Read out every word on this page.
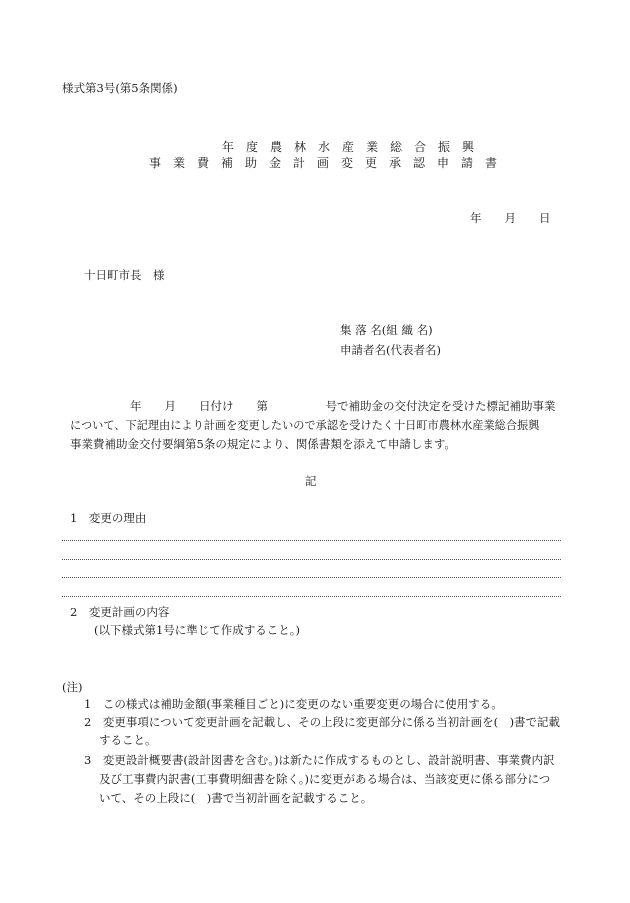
様式第3号(第5条関係)
年　度　農　林　水　産　業　総　合　振　興
事　業　費　補　助　金　計　画　変　更　承　認　申　請　書
年　　月　　日
十日町市長　様
集 落 名(組 織 名)
申請者名(代表者名)
年　　月　　日付け　　第　　　　　号で補助金の交付決定を受けた標記補助事業
について、下記理由により計画を変更したいので承認を受けたく十日町市農林水産業総合振興
事業費補助金交付要綱第5条の規定により、関係書類を添えて申請します。
記
1　変更の理由
2　変更計画の内容
(以下様式第1号に準じて作成すること。)
(注)
1　この様式は補助金額(事業種目ごと)に変更のない重要変更の場合に使用する。
2　変更事項について変更計画を記載し、その上段に変更部分に係る当初計画を(　)書で記載
すること。
3　変更設計概要書(設計図書を含む。)は新たに作成するものとし、設計説明書、事業費内訳
及び工事費内訳書(工事費明細書を除く。)に変更がある場合は、当該変更に係る部分につ
いて、その上段に(　)書で当初計画を記載すること。
